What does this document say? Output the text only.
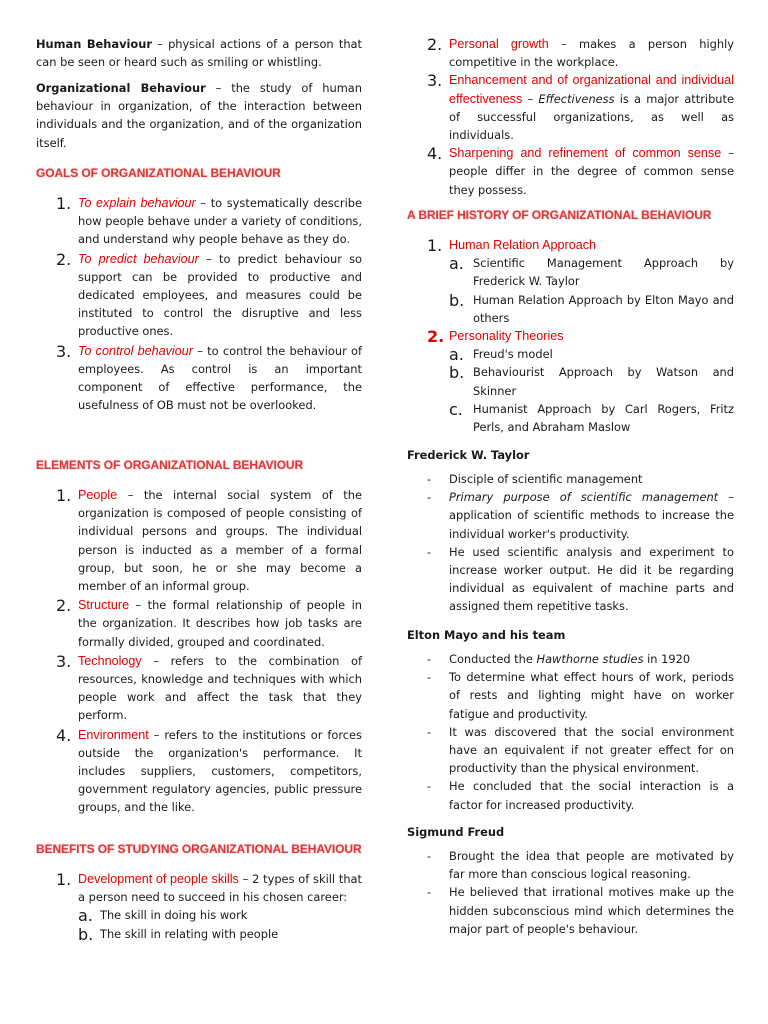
Human Behaviour – physical actions of a person that can be seen or heard such as smiling or whistling.

Organizational Behaviour – the study of human behaviour in organization, of the interaction between individuals and the organization, and of the organization itself.

GOALS OF ORGANIZATIONAL BEHAVIOUR
1. To explain behaviour – to systematically describe how people behave under a variety of conditions, and understand why people behave as they do.

2. To predict behaviour – to predict behaviour so support can be provided to productive and dedicated employees, and measures could be instituted to control the disruptive and less productive ones.

3. To control behaviour – to control the behaviour of employees. As control is an important component of effective performance, the usefulness of OB must not be overlooked.

ELEMENTS OF ORGANIZATIONAL BEHAVIOUR
1. People – the internal social system of the organization is composed of people consisting of individual persons and groups. The individual person is inducted as a member of a formal group, but soon, he or she may become a member of an informal group.

2. Structure – the formal relationship of people in the organization. It describes how job tasks are formally divided, grouped and coordinated.

3. Technology – refers to the combination of resources, knowledge and techniques with which people work and affect the task that they perform.

4. Environment – refers to the institutions or forces outside the organization's performance. It includes suppliers, customers, competitors, government regulatory agencies, public pressure groups, and the like.

BENEFITS OF STUDYING ORGANIZATIONAL BEHAVIOUR
1. Development of people skills – 2 types of skill that a person need to succeed in his chosen career:

a. The skill in doing his work

b. The skill in relating with people

2. Personal growth – makes a person highly competitive in the workplace.

3. Enhancement and of organizational and individual effectiveness – Effectiveness is a major attribute of successful organizations, as well as individuals.

4. Sharpening and refinement of common sense – people differ in the degree of common sense they possess.

A BRIEF HISTORY OF ORGANIZATIONAL BEHAVIOUR
1. Human Relation Approach

a. Scientific Management Approach by Frederick W. Taylor

b. Human Relation Approach by Elton Mayo and others

2. Personality Theories

a. Freud's model

b. Behaviourist Approach by Watson and Skinner

c. Humanist Approach by Carl Rogers, Fritz Perls, and Abraham Maslow

Frederick W. Taylor

- Disciple of scientific management
- Primary purpose of scientific management – application of scientific methods to increase the individual worker's productivity.
- He used scientific analysis and experiment to increase worker output. He did it be regarding individual as equivalent of machine parts and assigned them repetitive tasks.

Elton Mayo and his team

- Conducted the Hawthorne studies in 1920
- To determine what effect hours of work, periods of rests and lighting might have on worker fatigue and productivity.
- It was discovered that the social environment have an equivalent if not greater effect for on productivity than the physical environment.
- He concluded that the social interaction is a factor for increased productivity.

Sigmund Freud

- Brought the idea that people are motivated by far more than conscious logical reasoning.
- He believed that irrational motives make up the hidden subconscious mind which determines the major part of people's behaviour.
